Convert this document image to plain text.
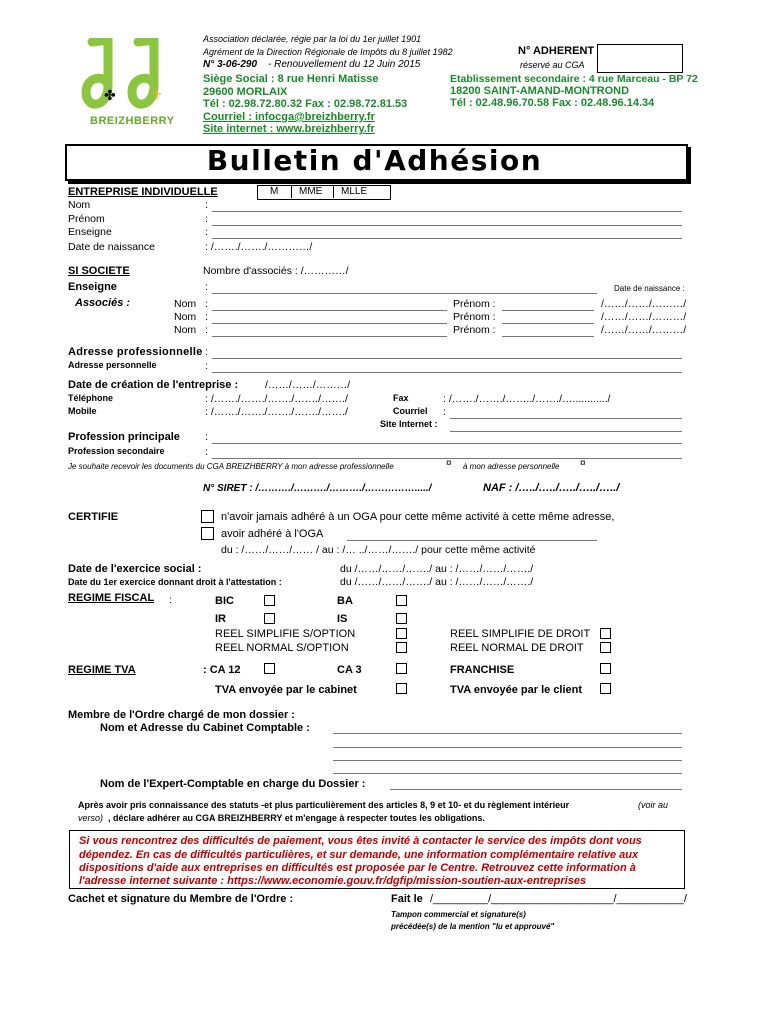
✤ ⚜
BREIZHBERRY
Association déclarée, régie par la loi du 1er juillet 1901
Agrément de la Direction Régionale de Impôts du 8 juillet 1982
N° 3-06-290 - Renouvellement du 12 Juin 2015
Siège Social : 8 rue Henri Matisse
29600 MORLAIX
Tél : 02.98.72.80.32 Fax : 02.98.72.81.53
Courriel : infocga@breizhberry.fr
Site internet : www.breizhberry.fr
N° ADHERENT
réservé au CGA
Etablissement secondaire : 4 rue Marceau - BP 72
18200 SAINT-AMAND-MONTROND
Tél : 02.48.96.70.58 Fax : 02.48.96.14.34
Bulletin d'Adhésion
ENTREPRISE INDIVIDUELLE	M MME MLLE
Nom	:
Prénom	:
Enseigne	:
Date de naissance	: /……./……./…………/
SI SOCIETE	Nombre d'associés : /…………/
Enseigne	:	Date de naissance :
Associés :	Nom :	Prénom :	/……/……/………/
Nom :	Prénom :	/……/……/………/
Nom :	Prénom :	/……/……/………/
Adresse professionnelle :
Adresse personnelle	:
Date de création de l'entreprise :	/……/……/………/
Téléphone	: /……./……./……./……./……./	Fax	: /……./……./……../……./…............/
Mobile	: /……./……./……./……./……./	Courriel :
Site Internet :
Profession principale :
Profession secondaire	:
Je souhaite recevoir les documents du CGA BREIZHBERRY à mon adresse professionnelle	¤ à mon adresse personnelle ¤
N° SIRET : /………./………./………./……………...../	NAF : /…../…../…../…../…../
CERTIFIE	n'avoir jamais adhéré à un OGA pour cette même activité à cette même adresse,
avoir adhéré à l'OGA
du : /……/……/…… / au : /… ../……/……./ pour cette même activité
Date de l'exercice social :	du /……/……/……./ au : /……/……/……./
Date du 1er exercice donnant droit à l'attestation :	du /……/……/……./ au : /……/……/……./
REGIME FISCAL :	BIC	BA
IR	IS
REEL SIMPLIFIE S/OPTION	REEL SIMPLIFIE DE DROIT
REEL NORMAL S/OPTION	REEL NORMAL DE DROIT
REGIME TVA	: CA 12	CA 3	FRANCHISE
TVA envoyée par le cabinet	TVA envoyée par le client
Membre de l'Ordre chargé de mon dossier :
Nom et Adresse du Cabinet Comptable :
Nom de l'Expert-Comptable en charge du Dossier :
Après avoir pris connaissance des statuts -et plus particulièrement des articles 8, 9 et 10- et du règlement intérieur	(voir au
verso) , déclare adhérer au CGA BREIZHBERRY et m'engage à respecter toutes les obligations.
Si vous rencontrez des difficultés de paiement, vous êtes invité à contacter le service des impôts dont vous
dépendez. En cas de difficultés particulières, et sur demande, une information complémentaire relative aux
dispositions d'aide aux entreprises en difficultés est proposée par le Centre. Retrouvez cette information à
l'adresse internet suivante : https://www.economie.gouv.fr/dgfip/mission-soutien-aux-entreprises
Cachet et signature du Membre de l'Ordre :	Fait le /_________/____________________/___________/
Tampon commercial et signature(s)
précédée(s) de la mention "lu et approuvé"
